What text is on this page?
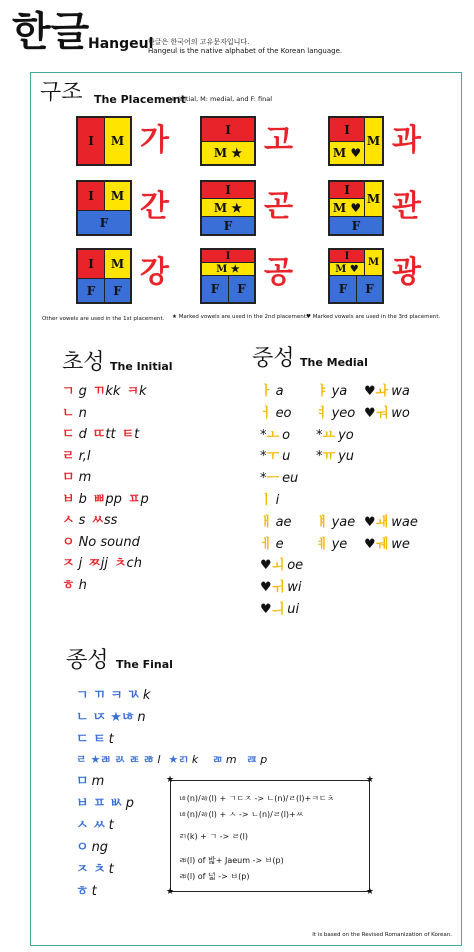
한글
Hangeul
한글은 한국어의 고유문자입니다.
Hangeul is the native alphabet of the Korean language.
구조 The Placement
I: initial, M: medial, and F: final
I	M 가	I
M ★ 고	I
M ♥
M 과
I	M
F	간	I
M ★
F
곤	I
M ♥
M
F
관
I	M
F	F
강	I
M ★
F	F 공	I
M ♥
M
F	F 광
Other vowels are used in the 1st placement. ★ Marked vowels are used in the 2nd placement.
♥ Marked vowels are used in the 3rd placement.
초성 The Initial
ㄱ g ㄲkk ㅋk
ㄴ n
ㄷ d ㄸtt ㅌt
ㄹ r,l
ㅁ m
ㅂ b ㅃpp ㅍp
ㅅ s ㅆss
ㅇ No sound
ㅈ j ㅉjj ㅊch
ㅎ h
중성 The Medial
ㅏ a ㅑ ya ♥ㅘ wa
ㅓ eo ㅕ yeo ♥ㅝ wo
*ㅗ o *ㅛ yo
*ㅜ u *ㅠ yu
*ㅡ eu
ㅣ i
ㅐ ae ㅒ yae ♥ㅙ wae
ㅔ e ㅖ ye ♥ㅞ we
♥ㅚ oe
♥ㅟ wi
♥ㅢ ui
종성 The Final
ㄱ ㄲ ㅋ ㄳ k
ㄴ ㄵ ★ㄶ n
ㄷ ㅌ t
ㄹ ★ㄼ ㄽ ㄾ ㅀ l ★ㄺ k ㄻ m ㄿ p
ㅁ m
ㅂ ㅍ ㅄ p
ㅅ ㅆ t
ㅇ ng
ㅈ ㅊ t
ㅎ t
★	★
★	★
ㄶ(n)/ㅀ(l) + ㄱㄷㅈ -> ㄴ(n)/ㄹ(l)+ㅋㄷㅊ
ㄶ(n)/ㅀ(l) + ㅅ -> ㄴ(n)/ㄹ(l)+ㅆ
ㄺ(k) + ㄱ -> ㄹ(l)
ㄼ(l) of 밟+ Jaeum -> ㅂ(p)
ㄼ(l) of 넓 -> ㅂ(p)
It is based on the Revised Romanization of Korean.
